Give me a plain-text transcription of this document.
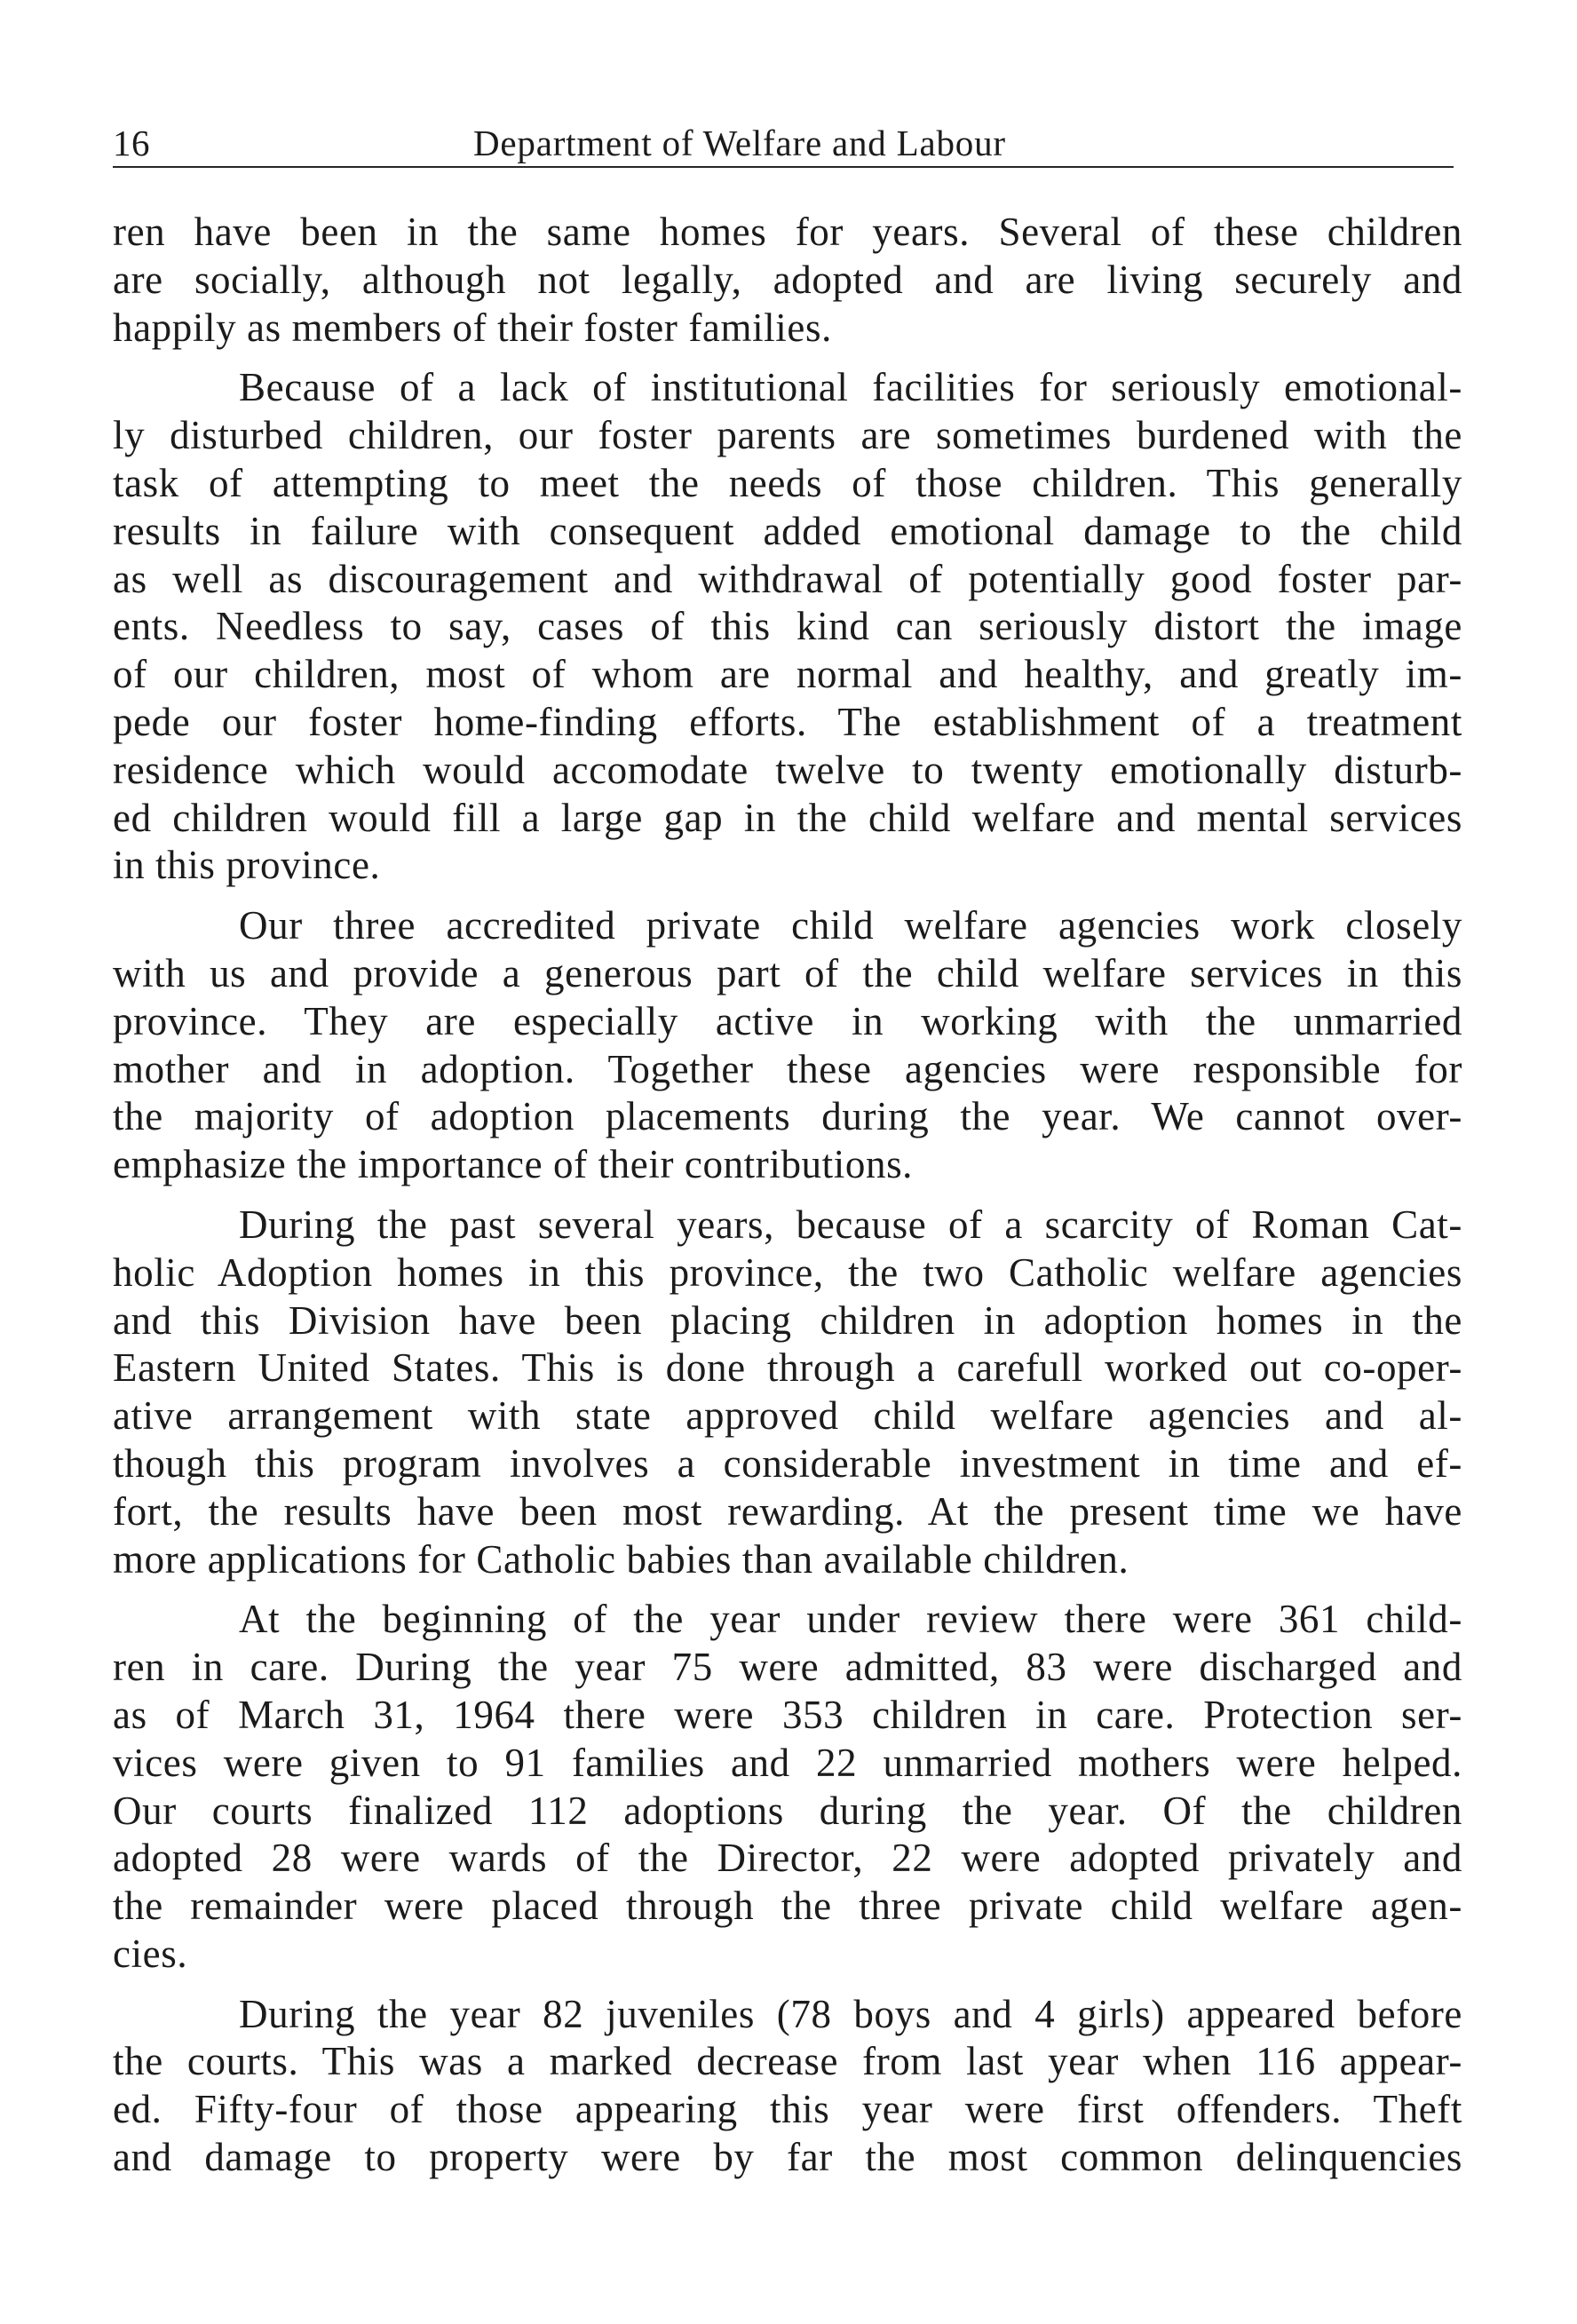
16	Department of Welfare and Labour
ren have been in the same homes for years. Several of these children
are socially, although not legally, adopted and are living securely and
happily as members of their foster families.
Because of a lack of institutional facilities for seriously emotional-
ly disturbed children, our foster parents are sometimes burdened with the
task of attempting to meet the needs of those children. This generally
results in failure with consequent added emotional damage to the child
as well as discouragement and withdrawal of potentially good foster par-
ents. Needless to say, cases of this kind can seriously distort the image
of our children, most of whom are normal and healthy, and greatly im-
pede our foster home-finding efforts. The establishment of a treatment
residence which would accomodate twelve to twenty emotionally disturb-
ed children would fill a large gap in the child welfare and mental services
in this province.
Our three accredited private child welfare agencies work closely
with us and provide a generous part of the child welfare services in this
province. They are especially active in working with the unmarried
mother and in adoption. Together these agencies were responsible for
the majority of adoption placements during the year. We cannot over-
emphasize the importance of their contributions.
During the past several years, because of a scarcity of Roman Cat-
holic Adoption homes in this province, the two Catholic welfare agencies
and this Division have been placing children in adoption homes in the
Eastern United States. This is done through a carefull worked out co-oper-
ative arrangement with state approved child welfare agencies and al-
though this program involves a considerable investment in time and ef-
fort, the results have been most rewarding. At the present time we have
more applications for Catholic babies than available children.
At the beginning of the year under review there were 361 child-
ren in care. During the year 75 were admitted, 83 were discharged and
as of March 31, 1964 there were 353 children in care. Protection ser-
vices were given to 91 families and 22 unmarried mothers were helped.
Our courts finalized 112 adoptions during the year. Of the children
adopted 28 were wards of the Director, 22 were adopted privately and
the remainder were placed through the three private child welfare agen-
cies.
During the year 82 juveniles (78 boys and 4 girls) appeared before
the courts. This was a marked decrease from last year when 116 appear-
ed. Fifty-four of those appearing this year were first offenders. Theft
and damage to property were by far the most common delinquencies
